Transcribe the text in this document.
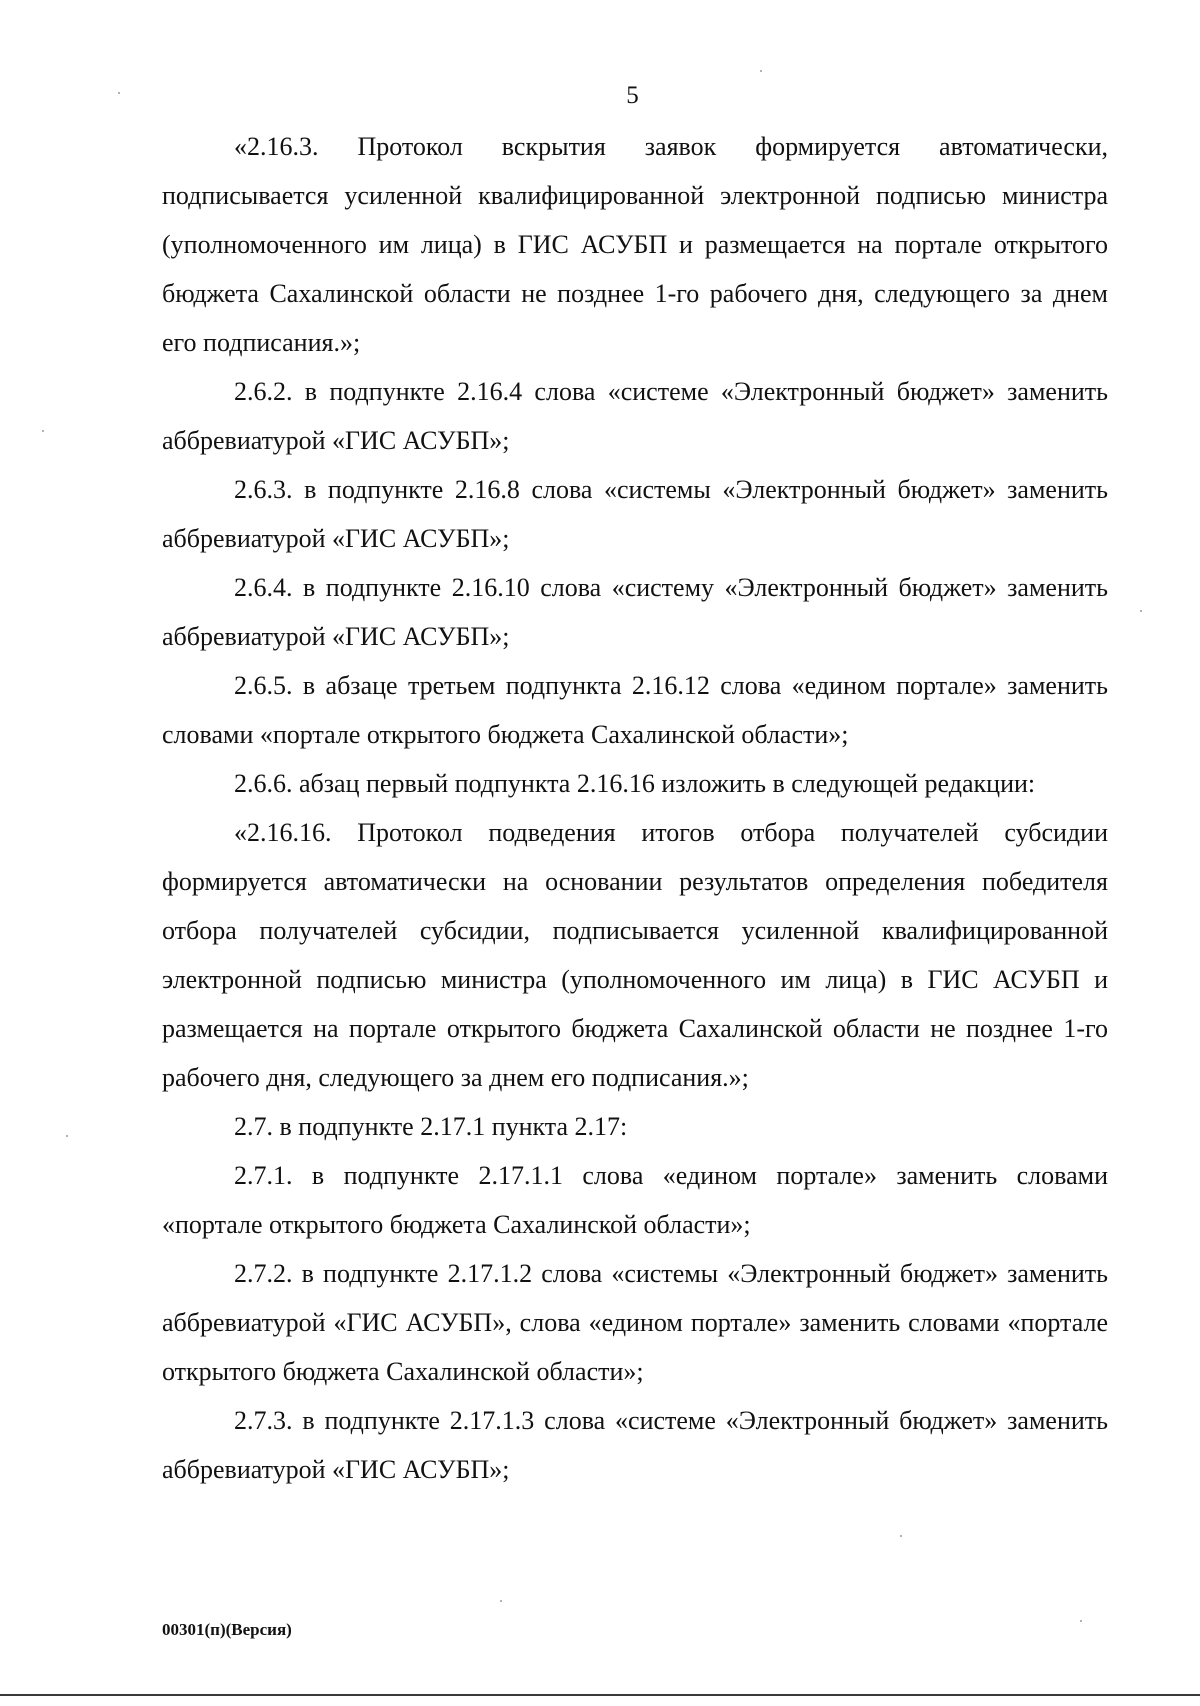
5

«2.16.3. Протокол вскрытия заявок формируется автоматически, подписывается усиленной квалифицированной электронной подписью министра (уполномоченного им лица) в ГИС АСУБП и размещается на портале открытого бюджета Сахалинской области не позднее 1-го рабочего дня, следующего за днем его подписания.»;

2.6.2. в подпункте 2.16.4 слова «системе «Электронный бюджет» заменить аббревиатурой «ГИС АСУБП»;

2.6.3. в подпункте 2.16.8 слова «системы «Электронный бюджет» заменить аббревиатурой «ГИС АСУБП»;

2.6.4. в подпункте 2.16.10 слова «систему «Электронный бюджет» заменить аббревиатурой «ГИС АСУБП»;

2.6.5. в абзаце третьем подпункта 2.16.12 слова «едином портале» заменить словами «портале открытого бюджета Сахалинской области»;

2.6.6. абзац первый подпункта 2.16.16 изложить в следующей редакции:

«2.16.16. Протокол подведения итогов отбора получателей субсидии формируется автоматически на основании результатов определения победителя отбора получателей субсидии, подписывается усиленной квалифицированной электронной подписью министра (уполномоченного им лица) в ГИС АСУБП и размещается на портале открытого бюджета Сахалинской области не позднее 1-го рабочего дня, следующего за днем его подписания.»;

2.7. в подпункте 2.17.1 пункта 2.17:

2.7.1. в подпункте 2.17.1.1 слова «едином портале» заменить словами «портале открытого бюджета Сахалинской области»;

2.7.2. в подпункте 2.17.1.2 слова «системы «Электронный бюджет» заменить аббревиатурой «ГИС АСУБП», слова «едином портале» заменить словами «портале открытого бюджета Сахалинской области»;

2.7.3. в подпункте 2.17.1.3 слова «системе «Электронный бюджет» заменить аббревиатурой «ГИС АСУБП»;

00301(п)(Версия)
